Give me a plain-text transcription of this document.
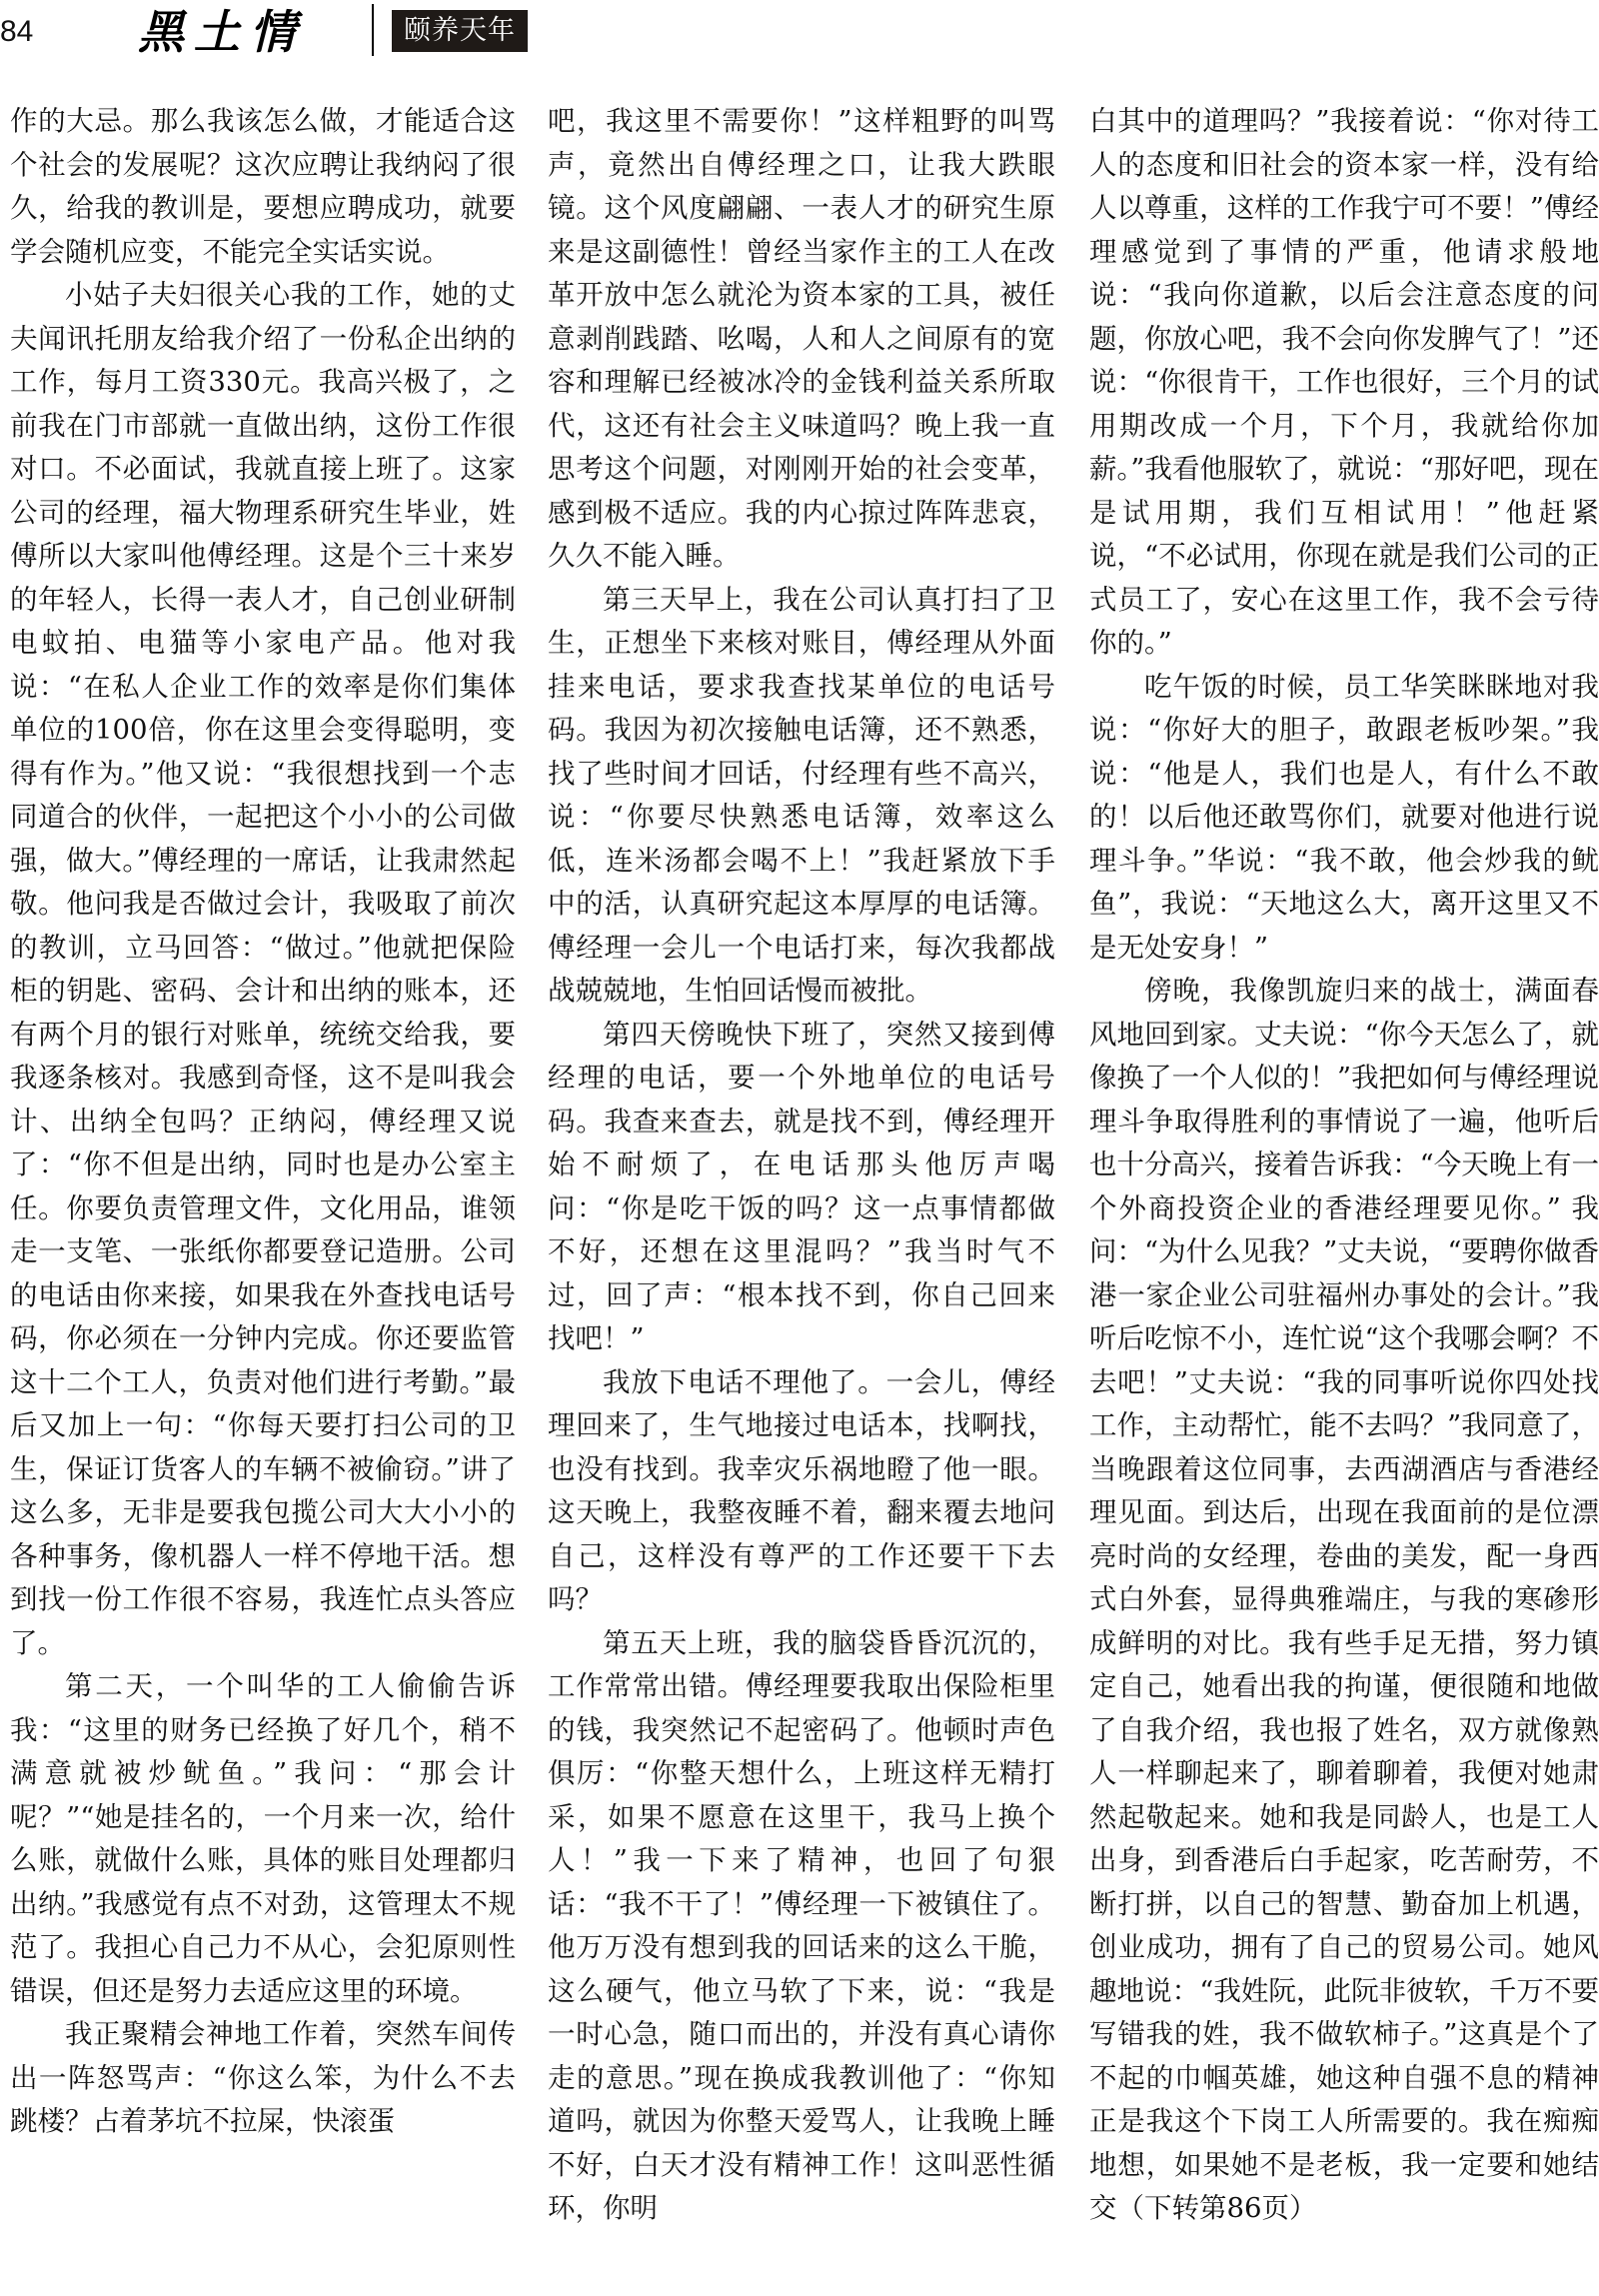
84 黑土情	颐养天年

作的大忌。那么我该怎么做，才能适合这个社会的发展呢？这次应聘让我纳闷了很久，给我的教训是，要想应聘成功，就要学会随机应变，不能完全实话实说。

小姑子夫妇很关心我的工作，她的丈夫闻讯托朋友给我介绍了一份私企出纳的工作，每月工资330元。我高兴极了，之前我在门市部就一直做出纳，这份工作很对口。不必面试，我就直接上班了。这家公司的经理，福大物理系研究生毕业，姓傅所以大家叫他傅经理。这是个三十来岁的年轻人，长得一表人才，自己创业研制电蚊拍、电猫等小家电产品。他对我说：“在私人企业工作的效率是你们集体单位的100倍，你在这里会变得聪明，变得有作为。”他又说：“我很想找到一个志同道合的伙伴，一起把这个小小的公司做强，做大。”傅经理的一席话，让我肃然起敬。他问我是否做过会计，我吸取了前次的教训，立马回答：“做过。”他就把保险柜的钥匙、密码、会计和出纳的账本，还有两个月的银行对账单，统统交给我，要我逐条核对。我感到奇怪，这不是叫我会计、出纳全包吗？正纳闷，傅经理又说了：“你不但是出纳，同时也是办公室主任。你要负责管理文件，文化用品，谁领走一支笔、一张纸你都要登记造册。公司的电话由你来接，如果我在外查找电话号码，你必须在一分钟内完成。你还要监管这十二个工人，负责对他们进行考勤。”最后又加上一句：“你每天要打扫公司的卫生，保证订货客人的车辆不被偷窃。”讲了这么多，无非是要我包揽公司大大小小的各种事务，像机器人一样不停地干活。想到找一份工作很不容易，我连忙点头答应了。

第二天，一个叫华的工人偷偷告诉我：“这里的财务已经换了好几个，稍不满意就被炒鱿鱼。”我问：“那会计呢？”“她是挂名的，一个月来一次，给什么账，就做什么账，具体的账目处理都归出纳。”我感觉有点不对劲，这管理太不规范了。我担心自己力不从心，会犯原则性错误，但还是努力去适应这里的环境。

我正聚精会神地工作着，突然车间传出一阵怒骂声：“你这么笨，为什么不去跳楼？占着茅坑不拉屎，快滚蛋

吧，我这里不需要你！”这样粗野的叫骂声，竟然出自傅经理之口，让我大跌眼镜。这个风度翩翩、一表人才的研究生原来是这副德性！曾经当家作主的工人在改革开放中怎么就沦为资本家的工具，被任意剥削践踏、吆喝，人和人之间原有的宽容和理解已经被冰冷的金钱利益关系所取代，这还有社会主义味道吗？晚上我一直思考这个问题，对刚刚开始的社会变革，感到极不适应。我的内心掠过阵阵悲哀，久久不能入睡。

第三天早上，我在公司认真打扫了卫生，正想坐下来核对账目，傅经理从外面挂来电话，要求我查找某单位的电话号码。我因为初次接触电话簿，还不熟悉，找了些时间才回话，付经理有些不高兴，说：“你要尽快熟悉电话簿，效率这么低，连米汤都会喝不上！”我赶紧放下手中的活，认真研究起这本厚厚的电话簿。傅经理一会儿一个电话打来，每次我都战战兢兢地，生怕回话慢而被批。

第四天傍晚快下班了，突然又接到傅经理的电话，要一个外地单位的电话号码。我查来查去，就是找不到，傅经理开始不耐烦了，在电话那头他厉声喝问：“你是吃干饭的吗？这一点事情都做不好，还想在这里混吗？”我当时气不过，回了声：“根本找不到，你自己回来找吧！”

我放下电话不理他了。一会儿，傅经理回来了，生气地接过电话本，找啊找，也没有找到。我幸灾乐祸地瞪了他一眼。这天晚上，我整夜睡不着，翻来覆去地问自己，这样没有尊严的工作还要干下去吗？

第五天上班，我的脑袋昏昏沉沉的，工作常常出错。傅经理要我取出保险柜里的钱，我突然记不起密码了。他顿时声色俱厉：“你整天想什么，上班这样无精打采，如果不愿意在这里干，我马上换个人！”我一下来了精神，也回了句狠话：“我不干了！”傅经理一下被镇住了。他万万没有想到我的回话来的这么干脆，这么硬气，他立马软了下来，说：“我是一时心急，随口而出的，并没有真心请你走的意思。”现在换成我教训他了：“你知道吗，就因为你整天爱骂人，让我晚上睡不好，白天才没有精神工作！这叫恶性循环，你明

白其中的道理吗？”我接着说：“你对待工人的态度和旧社会的资本家一样，没有给人以尊重，这样的工作我宁可不要！”傅经理感觉到了事情的严重，他请求般地说：“我向你道歉，以后会注意态度的问题，你放心吧，我不会向你发脾气了！”还说：“你很肯干，工作也很好，三个月的试用期改成一个月，下个月，我就给你加薪。”我看他服软了，就说：“那好吧，现在是试用期，我们互相试用！”他赶紧说，“不必试用，你现在就是我们公司的正式员工了，安心在这里工作，我不会亏待你的。”

吃午饭的时候，员工华笑眯眯地对我说：“你好大的胆子，敢跟老板吵架。”我说：“他是人，我们也是人，有什么不敢的！以后他还敢骂你们，就要对他进行说理斗争。”华说：“我不敢，他会炒我的鱿鱼”，我说：“天地这么大，离开这里又不是无处安身！”

傍晚，我像凯旋归来的战士，满面春风地回到家。丈夫说：“你今天怎么了，就像换了一个人似的！”我把如何与傅经理说理斗争取得胜利的事情说了一遍，他听后也十分高兴，接着告诉我：“今天晚上有一个外商投资企业的香港经理要见你。” 我问：“为什么见我？”丈夫说，“要聘你做香港一家企业公司驻福州办事处的会计。”我听后吃惊不小，连忙说“这个我哪会啊？不去吧！”丈夫说：“我的同事听说你四处找工作，主动帮忙，能不去吗？”我同意了，当晚跟着这位同事，去西湖酒店与香港经理见面。到达后，出现在我面前的是位漂亮时尚的女经理，卷曲的美发，配一身西式白外套，显得典雅端庄，与我的寒碜形成鲜明的对比。我有些手足无措，努力镇定自己，她看出我的拘谨，便很随和地做了自我介绍，我也报了姓名，双方就像熟人一样聊起来了，聊着聊着，我便对她肃然起敬起来。她和我是同龄人，也是工人出身，到香港后白手起家，吃苦耐劳，不断打拼，以自己的智慧、勤奋加上机遇，创业成功，拥有了自己的贸易公司。她风趣地说：“我姓阮，此阮非彼软，千万不要写错我的姓，我不做软柿子。”这真是个了不起的巾帼英雄，她这种自强不息的精神正是我这个下岗工人所需要的。我在痴痴地想，如果她不是老板，我一定要和她结交（下转第86页）
